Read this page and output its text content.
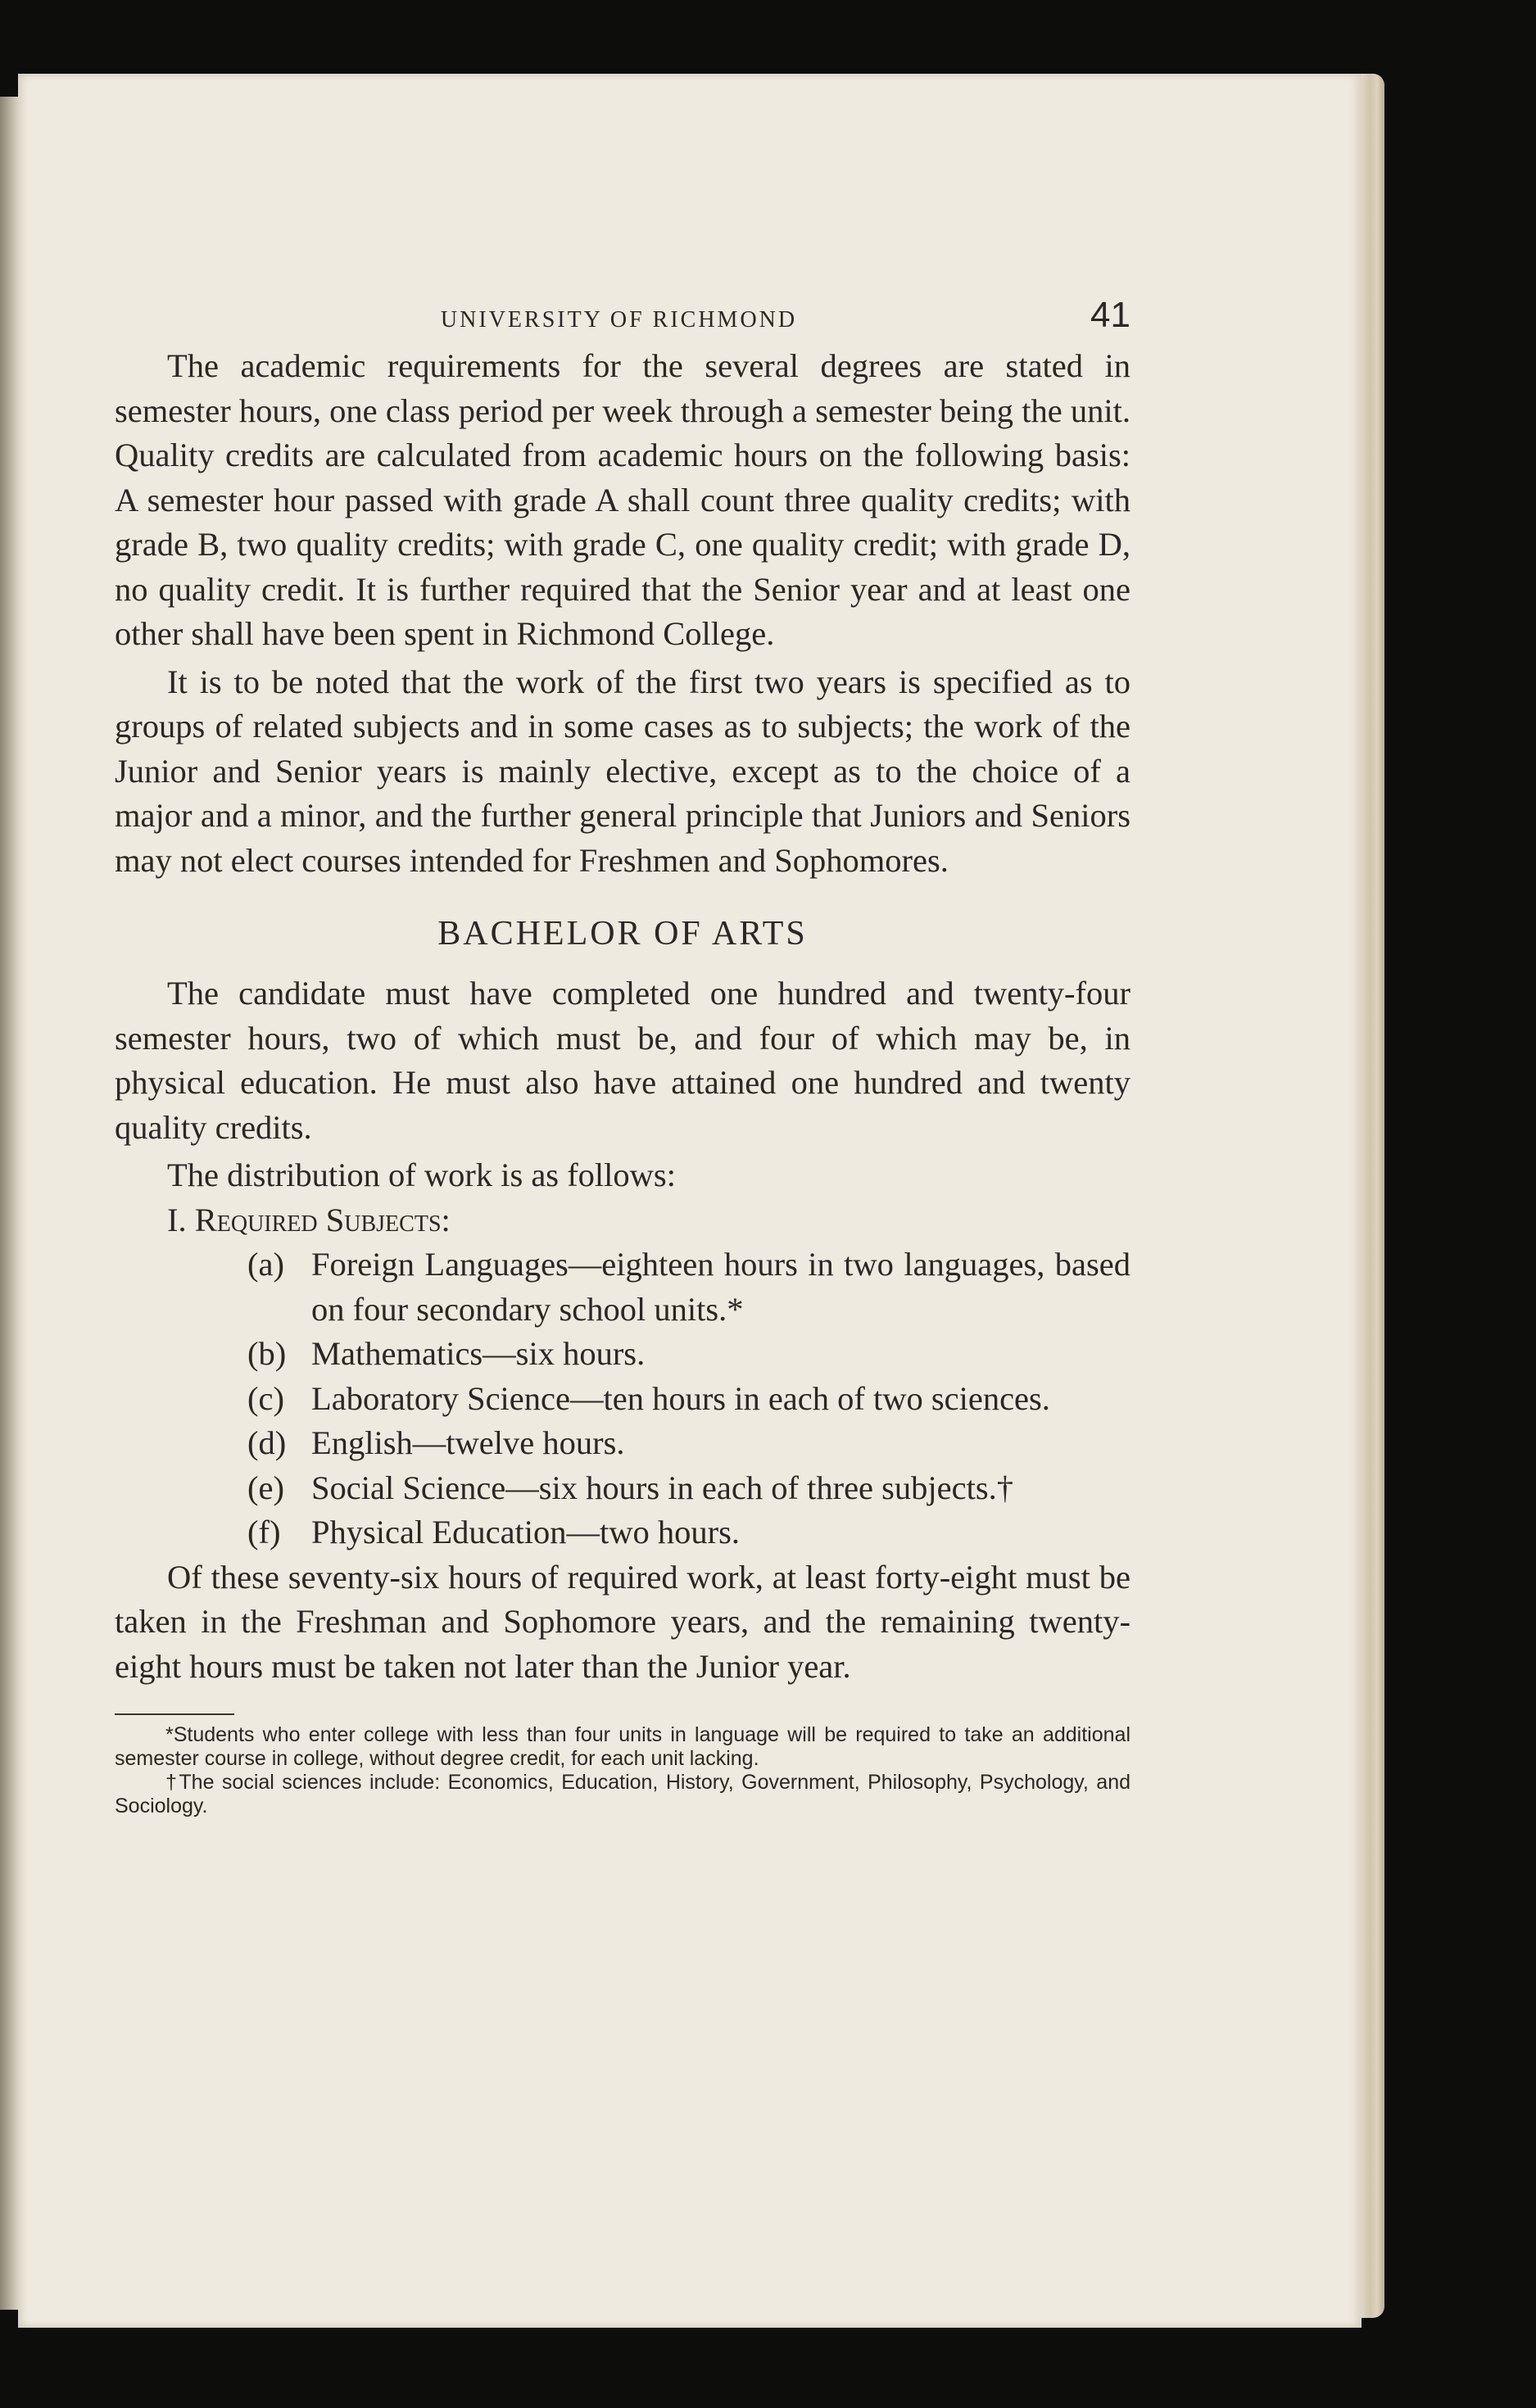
UNIVERSITY OF RICHMOND	41

The academic requirements for the several degrees are stated in semester hours, one class period per week through a semester being the unit. Quality credits are calculated from academic hours on the following basis: A semester hour passed with grade A shall count three quality credits; with grade B, two quality credits; with grade C, one quality credit; with grade D, no quality credit. It is further required that the Senior year and at least one other shall have been spent in Richmond College.

It is to be noted that the work of the first two years is specified as to groups of related subjects and in some cases as to subjects; the work of the Junior and Senior years is mainly elective, except as to the choice of a major and a minor, and the further general principle that Juniors and Seniors may not elect courses intended for Freshmen and Sophomores.

BACHELOR OF ARTS

The candidate must have completed one hundred and twenty-four semester hours, two of which must be, and four of which may be, in physical education. He must also have attained one hundred and twenty quality credits.

The distribution of work is as follows:

I. Required Subjects:

(a) Foreign Languages—eighteen hours in two languages, based on four secondary school units.*
(b) Mathematics—six hours.
(c) Laboratory Science—ten hours in each of two sciences.
(d) English—twelve hours.
(e) Social Science—six hours in each of three subjects.†
(f) Physical Education—two hours.

Of these seventy-six hours of required work, at least forty-eight must be taken in the Freshman and Sophomore years, and the remaining twenty-eight hours must be taken not later than the Junior year.

*Students who enter college with less than four units in language will be required to take an additional semester course in college, without degree credit, for each unit lacking.

†The social sciences include: Economics, Education, History, Government, Philosophy, Psychology, and Sociology.
